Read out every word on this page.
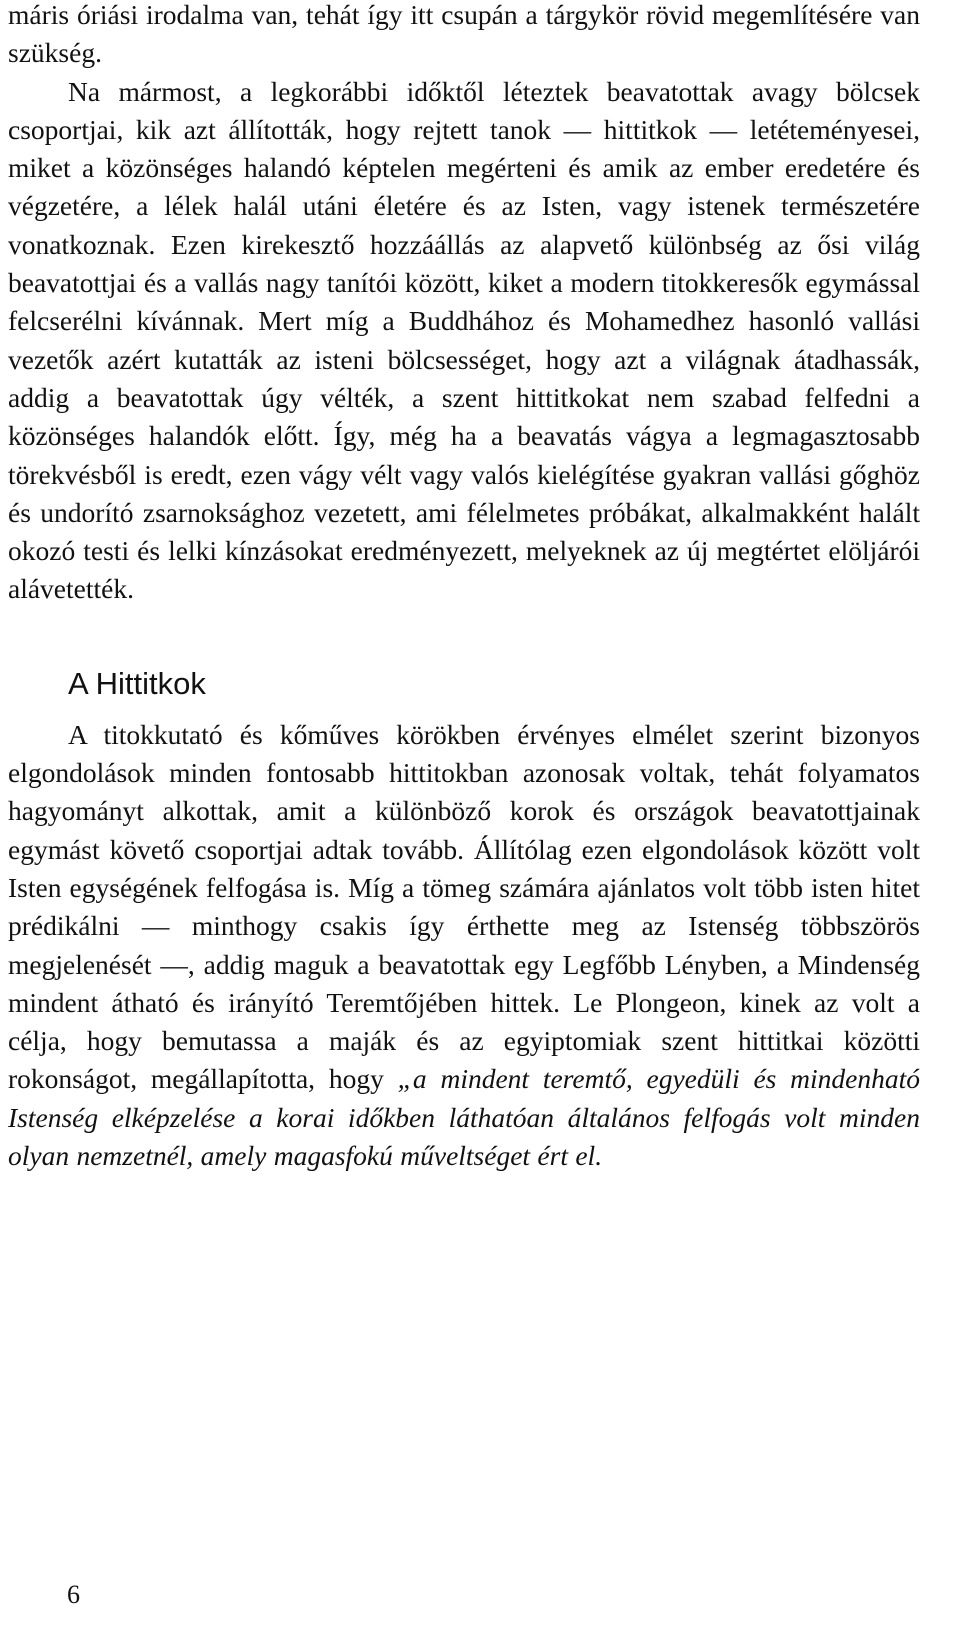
máris óriási irodalma van, tehát így itt csupán a tárgykör rövid megemlítésére van szükség.

Na mármost, a legkorábbi időktől léteztek beavatottak avagy bölcsek csoportjai, kik azt állították, hogy rejtett tanok — hittitkok — letéteményesei, miket a közönséges halandó képtelen megérteni és amik az ember eredetére és végzetére, a lélek halál utáni életére és az Isten, vagy istenek természetére vonatkoznak. Ezen kirekesztő hozzáállás az alapvető különbség az ősi világ beavatottjai és a vallás nagy tanítói között, kiket a modern titokkeresők egymással felcserélni kívánnak. Mert míg a Buddhához és Mohamedhez hasonló vallási vezetők azért kutatták az isteni bölcsességet, hogy azt a világnak átadhassák, addig a beavatottak úgy vélték, a szent hittitkokat nem szabad felfedni a közönséges halandók előtt. Így, még ha a beavatás vágya a legmagasztosabb törekvésből is eredt, ezen vágy vélt vagy valós kielégítése gyakran vallási gőghöz és undorító zsarnoksághoz vezetett, ami félelmetes próbákat, alkalmakként halált okozó testi és lelki kínzásokat eredményezett, melyeknek az új megtértet elöljárói alávetették.

A Hittitkok

A titokkutató és kőműves körökben érvényes elmélet szerint bizonyos elgondolások minden fontosabb hittitokban azonosak voltak, tehát folyamatos hagyományt alkottak, amit a különböző korok és országok beavatottjainak egymást követő csoportjai adtak tovább. Állítólag ezen elgondolások között volt Isten egységének felfogása is. Míg a tömeg számára ajánlatos volt több isten hitet prédikálni — minthogy csakis így érthette meg az Istenség többszörös megjelenését —, addig maguk a beavatottak egy Legfőbb Lényben, a Mindenség mindent átható és irányító Teremtőjében hittek. Le Plongeon, kinek az volt a célja, hogy bemutassa a maják és az egyiptomiak szent hittitkai közötti rokonságot, megállapította, hogy „a mindent teremtő, egyedüli és mindenható Istenség elképzelése a korai időkben láthatóan általános felfogás volt minden olyan nemzetnél, amely magasfokú műveltséget ért el.

6
